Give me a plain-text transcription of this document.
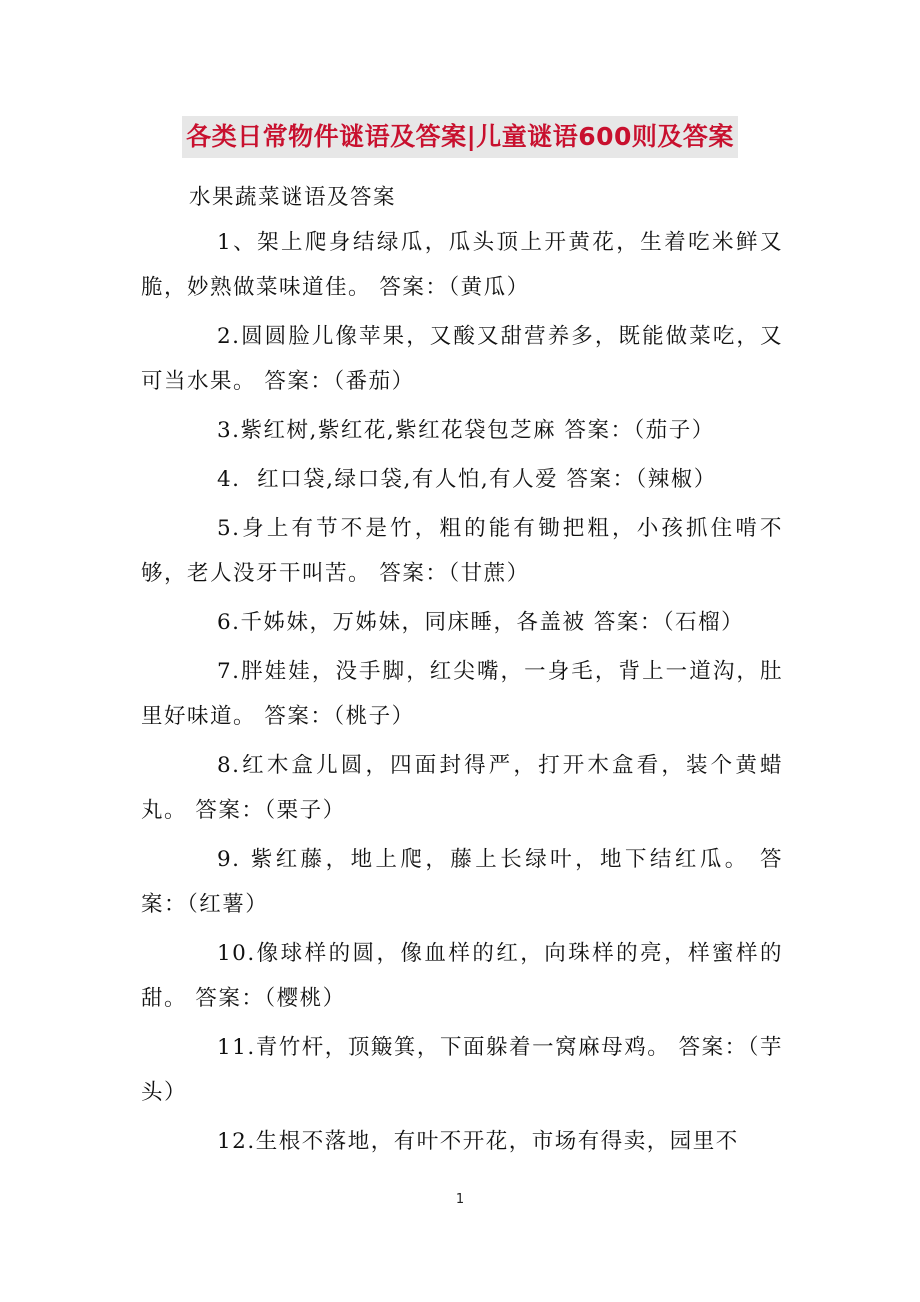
各类日常物件谜语及答案|儿童谜语600则及答案

水果蔬菜谜语及答案

1、架上爬身结绿瓜，瓜头顶上开黄花，生着吃米鲜又脆，妙熟做菜味道佳。 答案：（黄瓜）

2.圆圆脸儿像苹果，又酸又甜营养多，既能做菜吃，又可当水果。 答案：（番茄）

3.紫红树,紫红花,紫红花袋包芝麻 答案：（茄子）

4.  红口袋,绿口袋,有人怕,有人爱 答案：（辣椒）

5.身上有节不是竹，粗的能有锄把粗，小孩抓住啃不够，老人没牙干叫苦。 答案：（甘蔗）

6.千姊妹，万姊妹，同床睡，各盖被 答案：（石榴）

7.胖娃娃，没手脚，红尖嘴，一身毛，背上一道沟，肚里好味道。 答案：（桃子）

8.红木盒儿圆，四面封得严，打开木盒看，装个黄蜡丸。 答案：（栗子）

9. 紫红藤，地上爬，藤上长绿叶，地下结红瓜。 答案：（红薯）

10.像球样的圆，像血样的红，向珠样的亮，样蜜样的甜。 答案：（樱桃）

11.青竹杆，顶簸箕，下面躲着一窝麻母鸡。 答案：（芋头）

12.生根不落地，有叶不开花，市场有得卖，园里不

1
